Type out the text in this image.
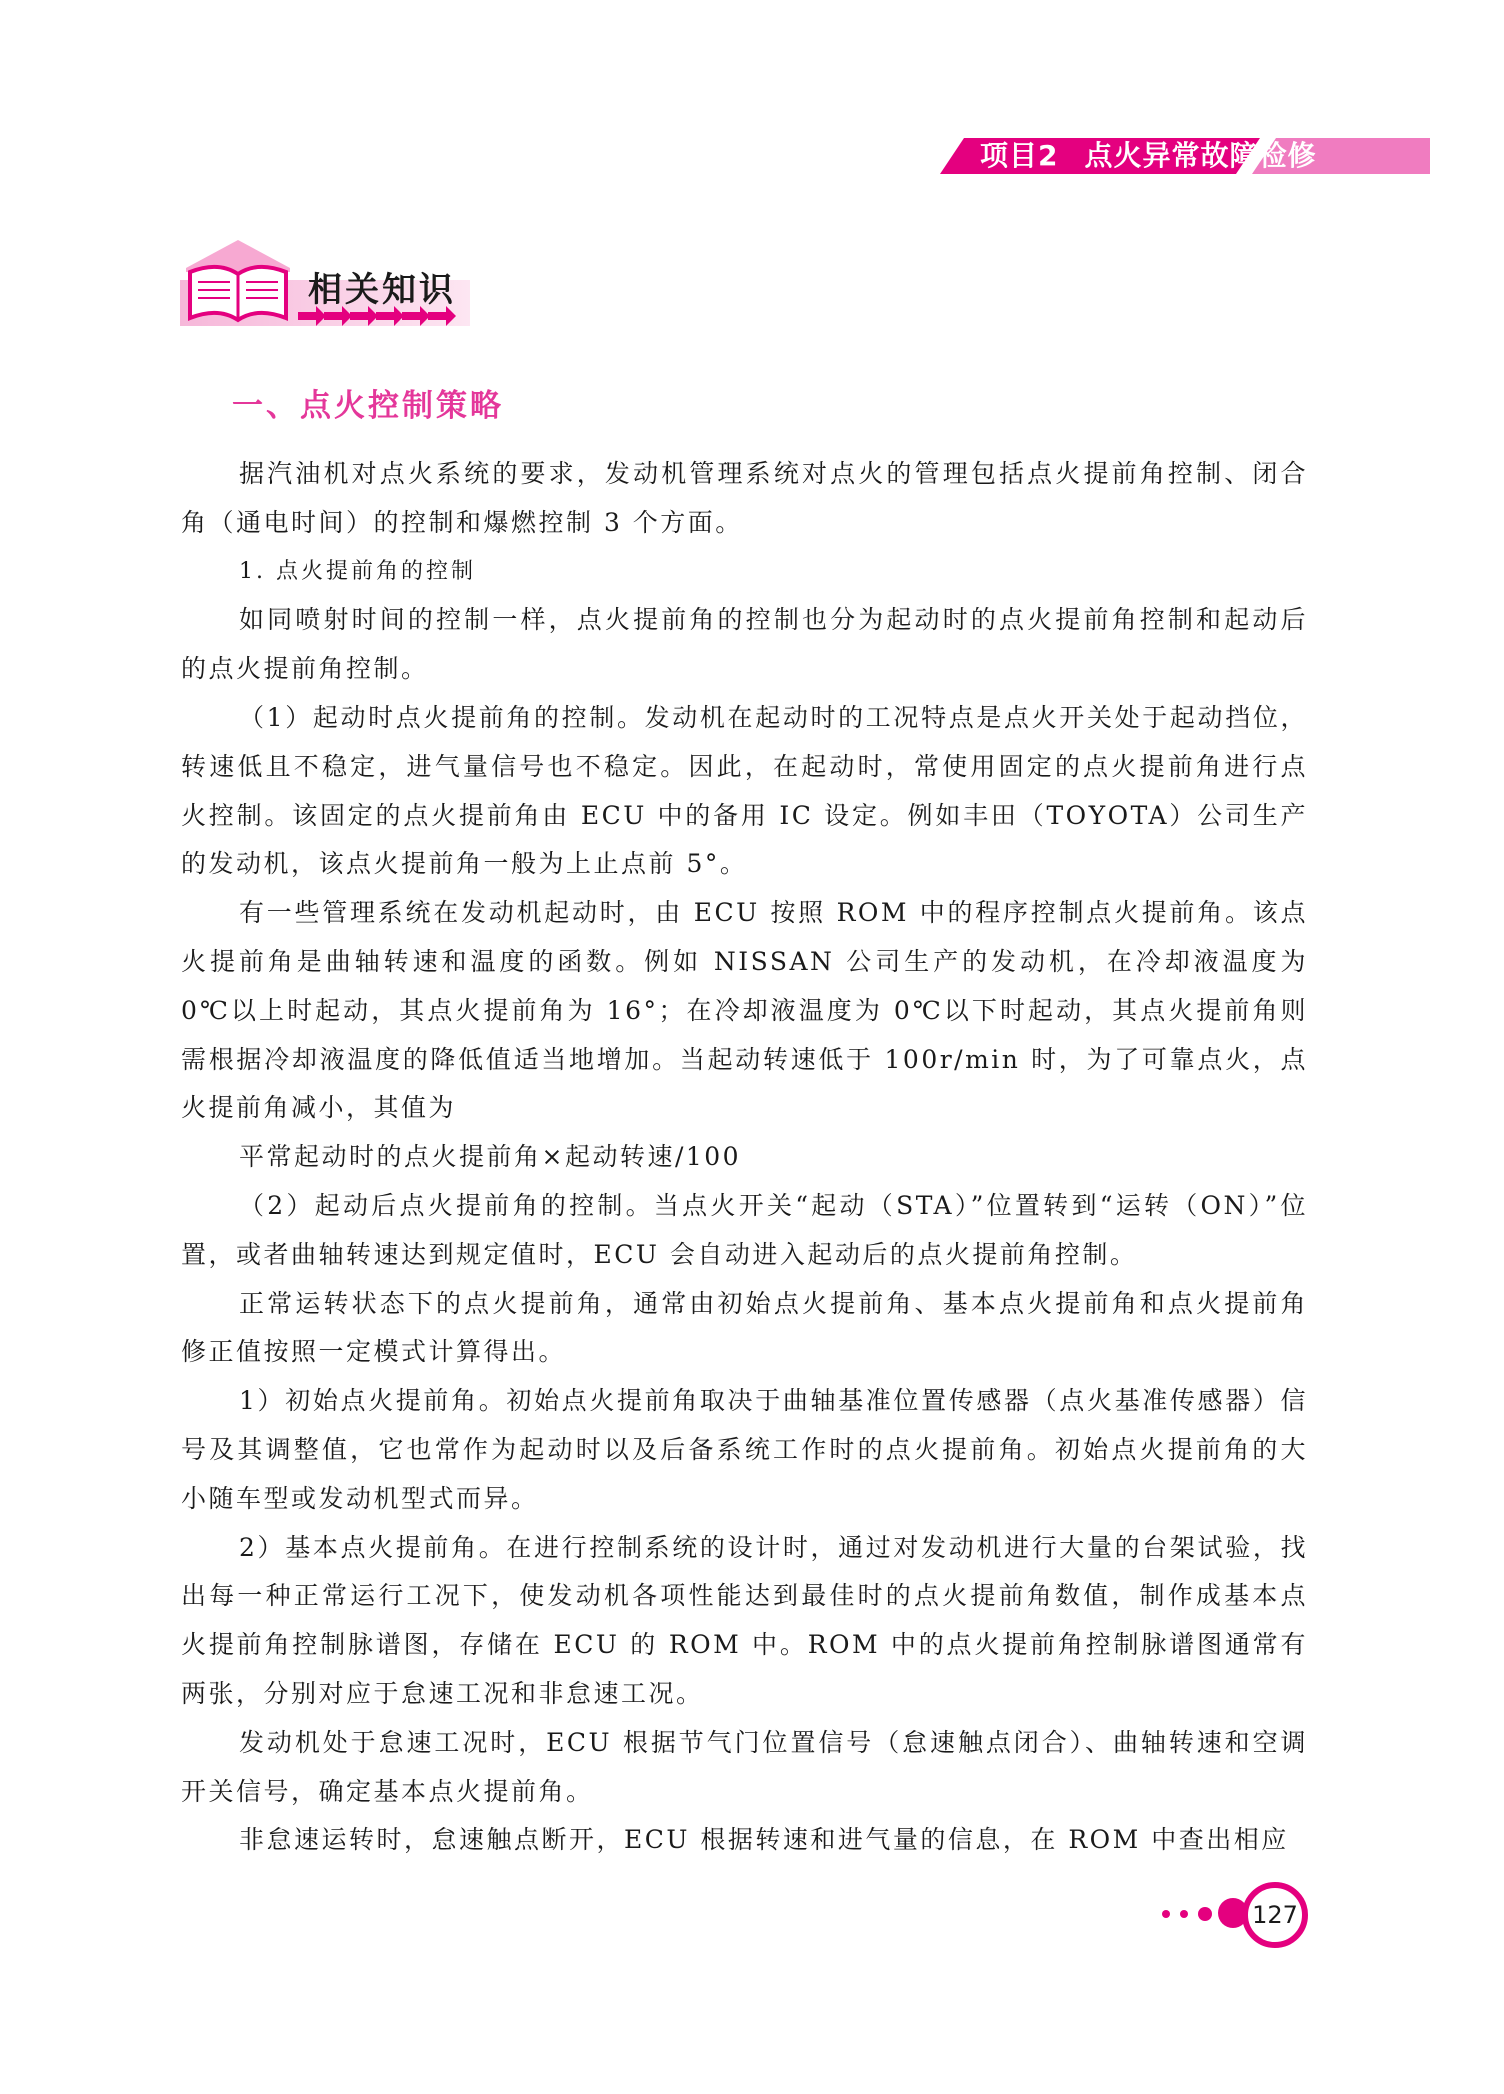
项目2 点火异常故障检修
相关知识
一、点火控制策略

据汽油机对点火系统的要求，发动机管理系统对点火的管理包括点火提前角控制、闭合角（通电时间）的控制和爆燃控制 3 个方面。

1. 点火提前角的控制

如同喷射时间的控制一样，点火提前角的控制也分为起动时的点火提前角控制和起动后的点火提前角控制。

（1）起动时点火提前角的控制。发动机在起动时的工况特点是点火开关处于起动挡位，转速低且不稳定，进气量信号也不稳定。因此，在起动时，常使用固定的点火提前角进行点火控制。该固定的点火提前角由 ECU 中的备用 IC 设定。例如丰田（TOYOTA）公司生产的发动机，该点火提前角一般为上止点前 5°。

有一些管理系统在发动机起动时，由 ECU 按照 ROM 中的程序控制点火提前角。该点火提前角是曲轴转速和温度的函数。例如 NISSAN 公司生产的发动机，在冷却液温度为 0℃以上时起动，其点火提前角为 16°；在冷却液温度为 0℃以下时起动，其点火提前角则需根据冷却液温度的降低值适当地增加。当起动转速低于 100r/min 时，为了可靠点火，点火提前角减小，其值为

平常起动时的点火提前角×起动转速/100

（2）起动后点火提前角的控制。当点火开关“起动（STA）”位置转到“运转（ON）”位置，或者曲轴转速达到规定值时，ECU 会自动进入起动后的点火提前角控制。

正常运转状态下的点火提前角，通常由初始点火提前角、基本点火提前角和点火提前角修正值按照一定模式计算得出。

1）初始点火提前角。初始点火提前角取决于曲轴基准位置传感器（点火基准传感器）信号及其调整值，它也常作为起动时以及后备系统工作时的点火提前角。初始点火提前角的大小随车型或发动机型式而异。

2）基本点火提前角。在进行控制系统的设计时，通过对发动机进行大量的台架试验，找出每一种正常运行工况下，使发动机各项性能达到最佳时的点火提前角数值，制作成基本点火提前角控制脉谱图，存储在 ECU 的 ROM 中。ROM 中的点火提前角控制脉谱图通常有两张，分别对应于怠速工况和非怠速工况。

发动机处于怠速工况时，ECU 根据节气门位置信号（怠速触点闭合）、曲轴转速和空调开关信号，确定基本点火提前角。

非怠速运转时，怠速触点断开，ECU 根据转速和进气量的信息，在 ROM 中查出相应

127
